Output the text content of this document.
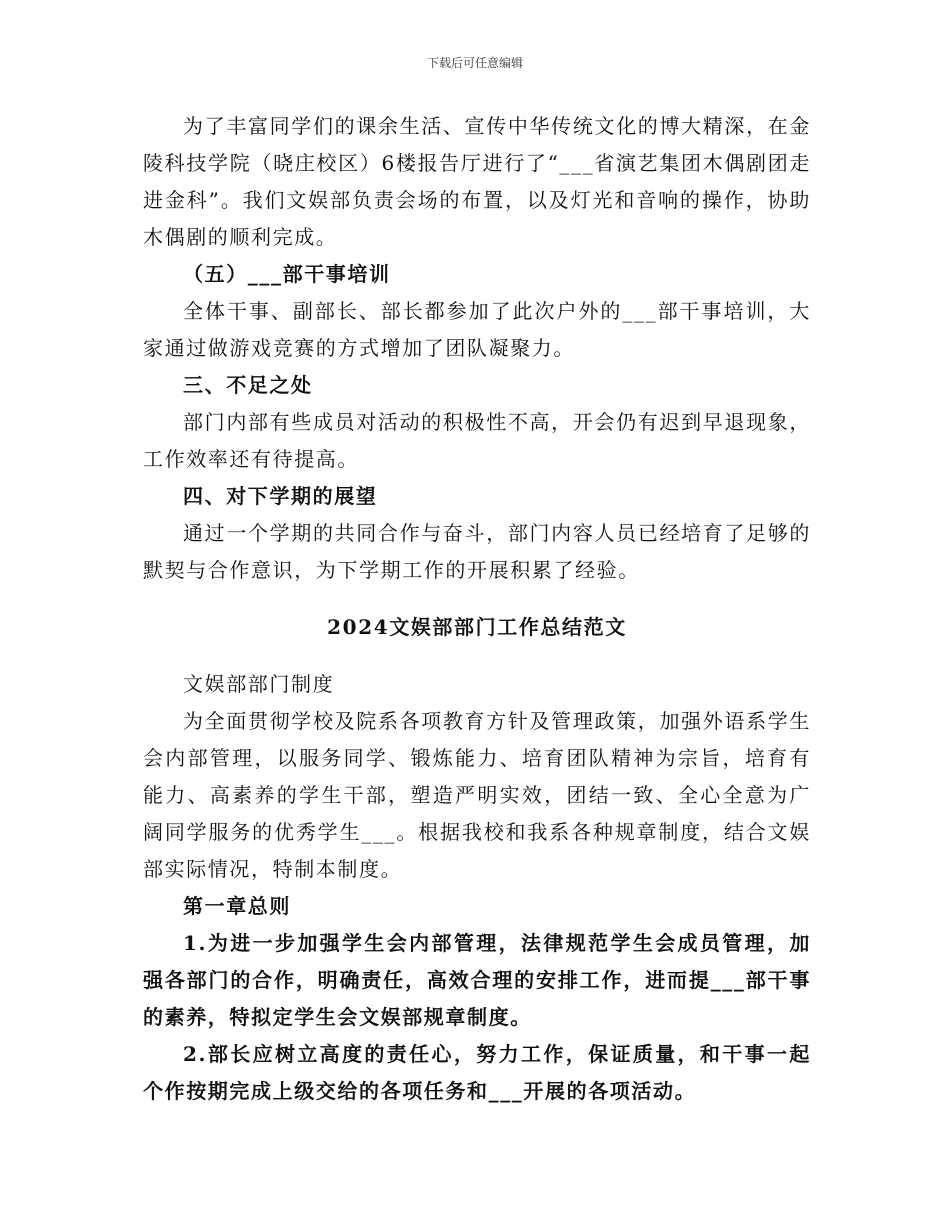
下载后可任意编辑

为了丰富同学们的课余生活、宣传中华传统文化的博大精深，在金陵科技学院（晓庄校区）6楼报告厅进行了“___省演艺集团木偶剧团走进金科”。我们文娱部负责会场的布置，以及灯光和音响的操作，协助木偶剧的顺利完成。

（五）___部干事培训

全体干事、副部长、部长都参加了此次户外的___部干事培训，大家通过做游戏竞赛的方式增加了团队凝聚力。

三、不足之处

部门内部有些成员对活动的积极性不高，开会仍有迟到早退现象，工作效率还有待提高。

四、对下学期的展望

通过一个学期的共同合作与奋斗，部门内容人员已经培育了足够的默契与合作意识，为下学期工作的开展积累了经验。

2024文娱部部门工作总结范文

文娱部部门制度

为全面贯彻学校及院系各项教育方针及管理政策，加强外语系学生会内部管理，以服务同学、锻炼能力、培育团队精神为宗旨，培育有能力、高素养的学生干部，塑造严明实效，团结一致、全心全意为广阔同学服务的优秀学生___。根据我校和我系各种规章制度，结合文娱部实际情况，特制本制度。

第一章总则

1.为进一步加强学生会内部管理，法律规范学生会成员管理，加强各部门的合作，明确责任，高效合理的安排工作，进而提___部干事的素养，特拟定学生会文娱部规章制度。

2.部长应树立高度的责任心，努力工作，保证质量，和干事一起个作按期完成上级交给的各项任务和___开展的各项活动。
